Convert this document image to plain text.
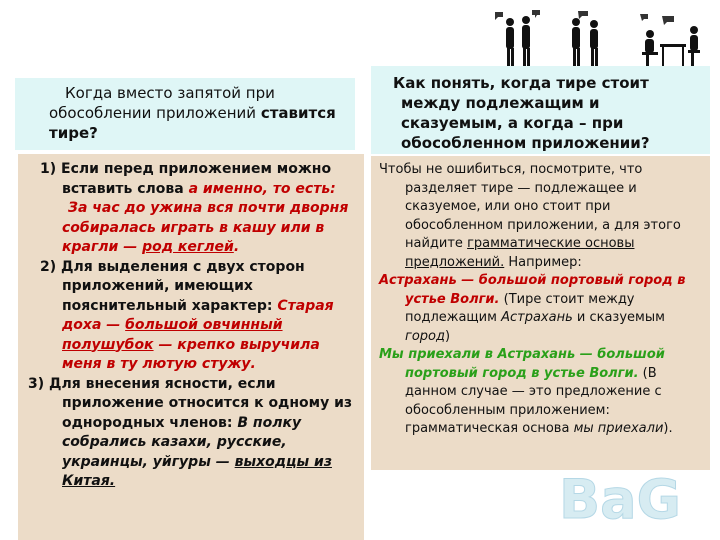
Когда вместо запятой при обособлении приложений ставится тире?

Как понять, когда тире стоит между подлежащим и сказуемым, а когда – при обособленном приложении?

1) Если перед приложением можно вставить слова а именно, то есть:

За час до ужина вся почти дворня собиралась играть в кашу или в крагли — род кеглей.

2) Для выделения с двух сторон приложений, имеющих пояснительный характер: Старая доха — большой овчинный полушубок — крепко выручила меня в ту лютую стужу.

3) Для внесения ясности, если приложение относится к одному из однородных членов: В полку собрались казахи, русские, украинцы, уйгуры — выходцы из Китая.

Чтобы не ошибиться, посмотрите, что разделяет тире — подлежащее и сказуемое, или оно стоит при обособленном приложении, а для этого найдите грамматические основы предложений. Например:

Астрахань — большой портовый город в устье Волги. (Тире стоит между подлежащим Астрахань и сказуемым город)

Мы приехали в Астрахань — большой портовый город в устье Волги. (В данном случае — это предложение с обособленным приложением: грамматическая основа мы приехали).

BaG
